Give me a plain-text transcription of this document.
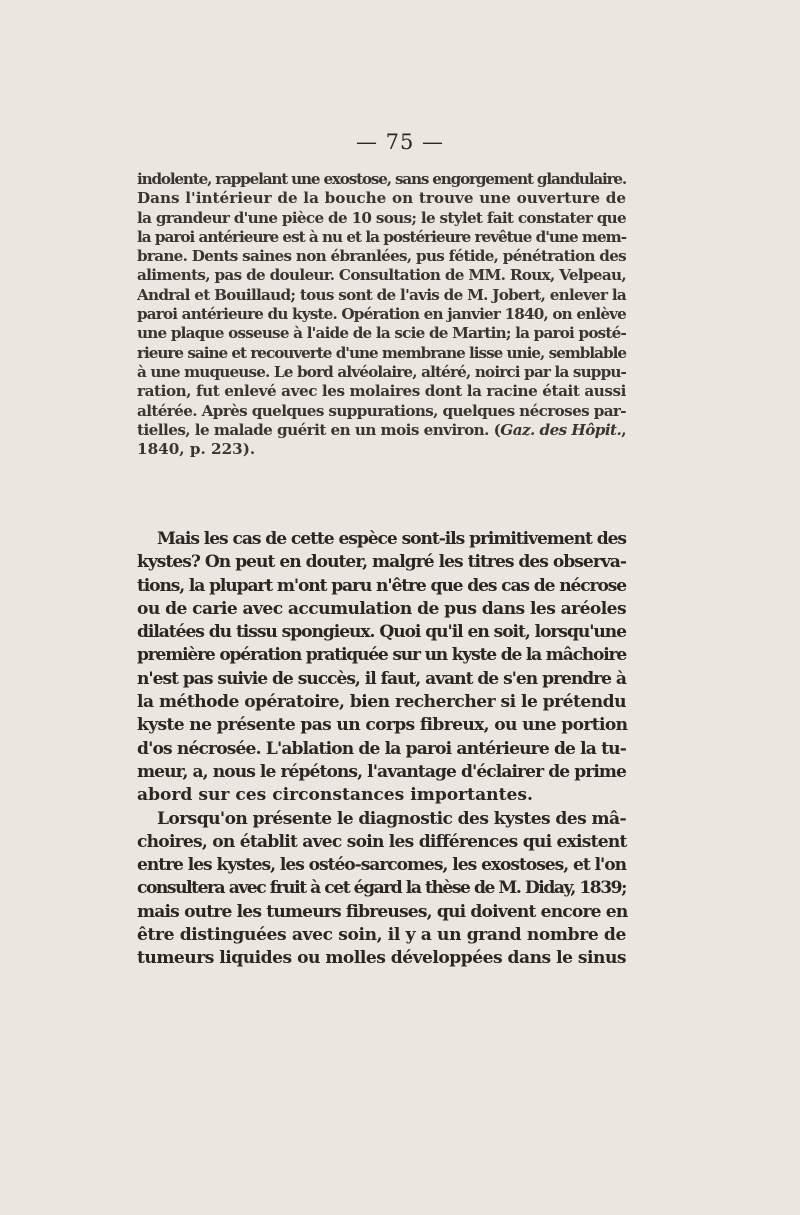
— 75 —
indolente, rappelant une exostose, sans engorgement glandulaire.
Dans l'intérieur de la bouche on trouve une ouverture de
la grandeur d'une pièce de 10 sous; le stylet fait constater que
la paroi antérieure est à nu et la postérieure revêtue d'une mem-
brane. Dents saines non ébranlées, pus fétide, pénétration des
aliments, pas de douleur. Consultation de MM. Roux, Velpeau,
Andral et Bouillaud; tous sont de l'avis de M. Jobert, enlever la
paroi antérieure du kyste. Opération en janvier 1840, on enlève
une plaque osseuse à l'aide de la scie de Martin; la paroi posté-
rieure saine et recouverte d'une membrane lisse unie, semblable
à une muqueuse. Le bord alvéolaire, altéré, noirci par la suppu-
ration, fut enlevé avec les molaires dont la racine était aussi
altérée. Après quelques suppurations, quelques nécroses par-
tielles, le malade guérit en un mois environ. (Gaz. des Hôpit.,
1840, p. 223).
Mais les cas de cette espèce sont-ils primitivement des
kystes? On peut en douter, malgré les titres des observa-
tions, la plupart m'ont paru n'être que des cas de nécrose
ou de carie avec accumulation de pus dans les aréoles
dilatées du tissu spongieux. Quoi qu'il en soit, lorsqu'une
première opération pratiquée sur un kyste de la mâchoire
n'est pas suivie de succès, il faut, avant de s'en prendre à
la méthode opératoire, bien rechercher si le prétendu
kyste ne présente pas un corps fibreux, ou une portion
d'os nécrosée. L'ablation de la paroi antérieure de la tu-
meur, a, nous le répétons, l'avantage d'éclairer de prime
abord sur ces circonstances importantes.
Lorsqu'on présente le diagnostic des kystes des mâ-
choires, on établit avec soin les différences qui existent
entre les kystes, les ostéo-sarcomes, les exostoses, et l'on
consultera avec fruit à cet égard la thèse de M. Diday, 1839;
mais outre les tumeurs fibreuses, qui doivent encore en
être distinguées avec soin, il y a un grand nombre de
tumeurs liquides ou molles développées dans le sinus
